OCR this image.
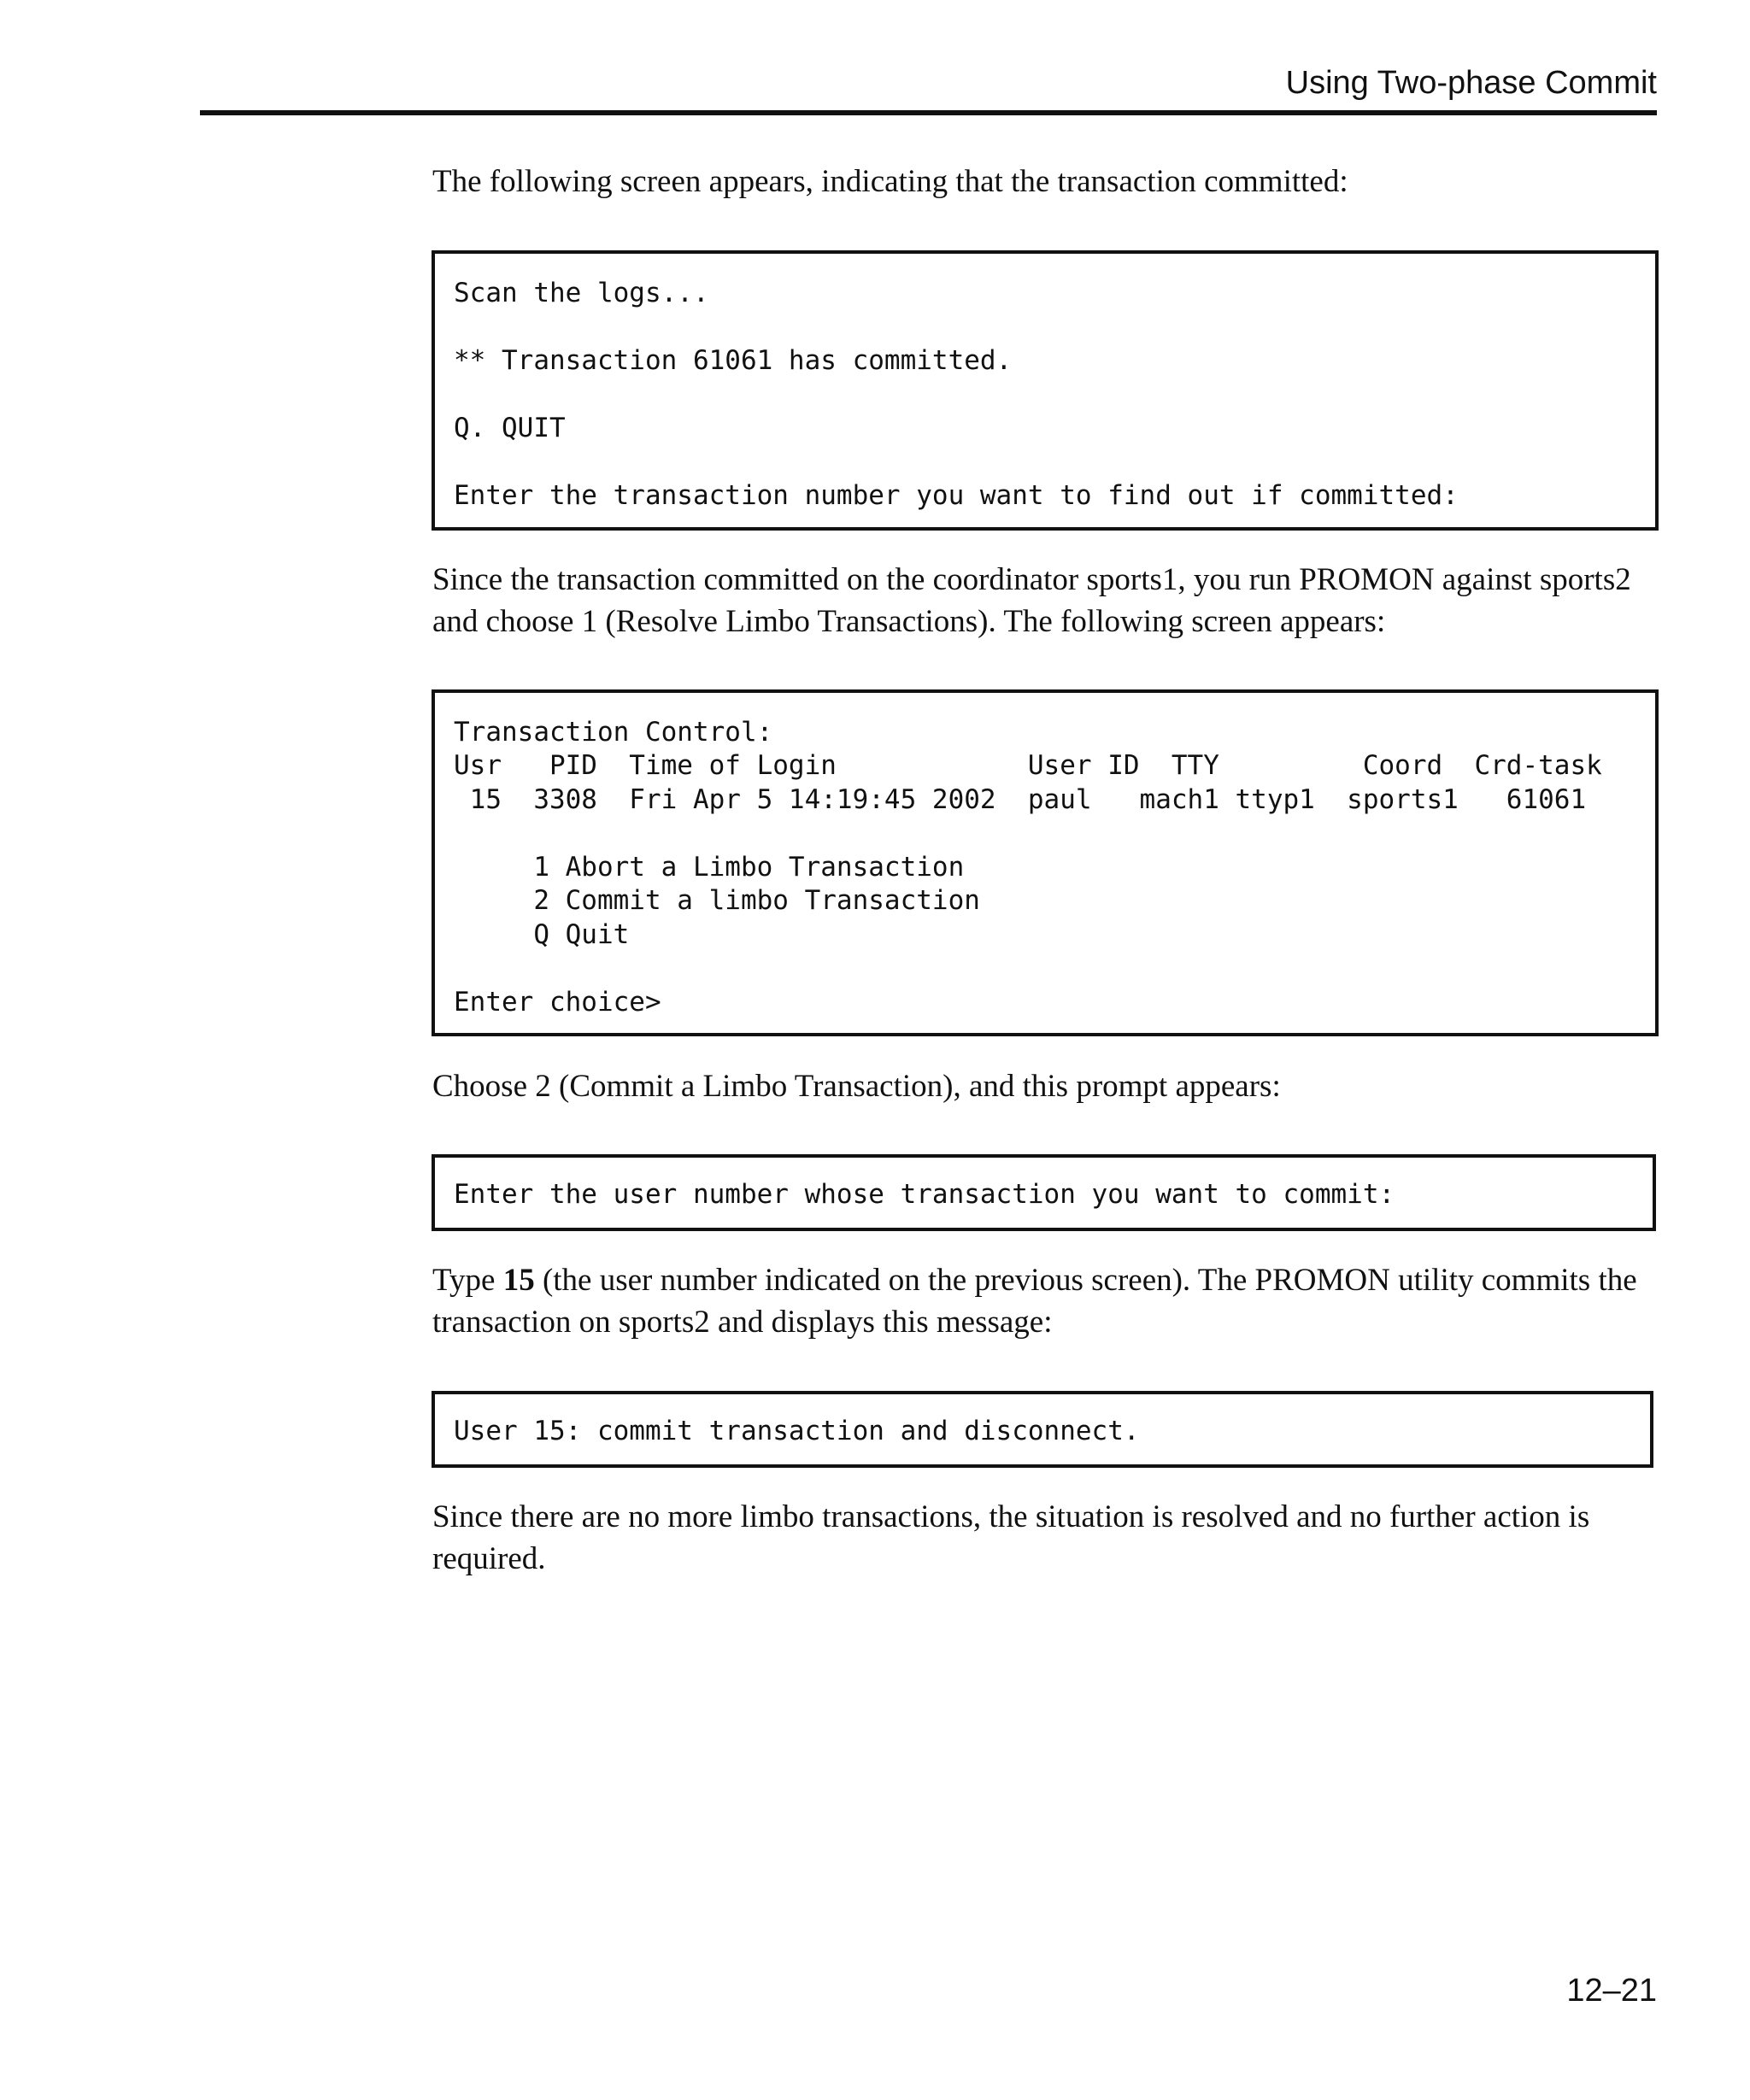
Using Two-phase Commit

The following screen appears, indicating that the transaction committed:

Scan the logs...
** Transaction 61061 has committed.
Q. QUIT
Enter the transaction number you want to find out if committed:
Since the transaction committed on the coordinator sports1, you run PROMON against sports2
and choose 1 (Resolve Limbo Transactions). The following screen appears:
Transaction Control:
Usr   PID  Time of Login            User ID  TTY         Coord  Crd-task
15  3308  Fri Apr 5 14:19:45 2002  paul   mach1 ttyp1  sports1   61061
1 Abort a Limbo Transaction
2 Commit a limbo Transaction
Q Quit
Enter choice>

Choose 2 (Commit a Limbo Transaction), and this prompt appears:

Enter the user number whose transaction you want to commit:
Type 15 (the user number indicated on the previous screen). The PROMON utility commits the
transaction on sports2 and displays this message:
User 15: commit transaction and disconnect.
Since there are no more limbo transactions, the situation is resolved and no further action is
required.
12–21
